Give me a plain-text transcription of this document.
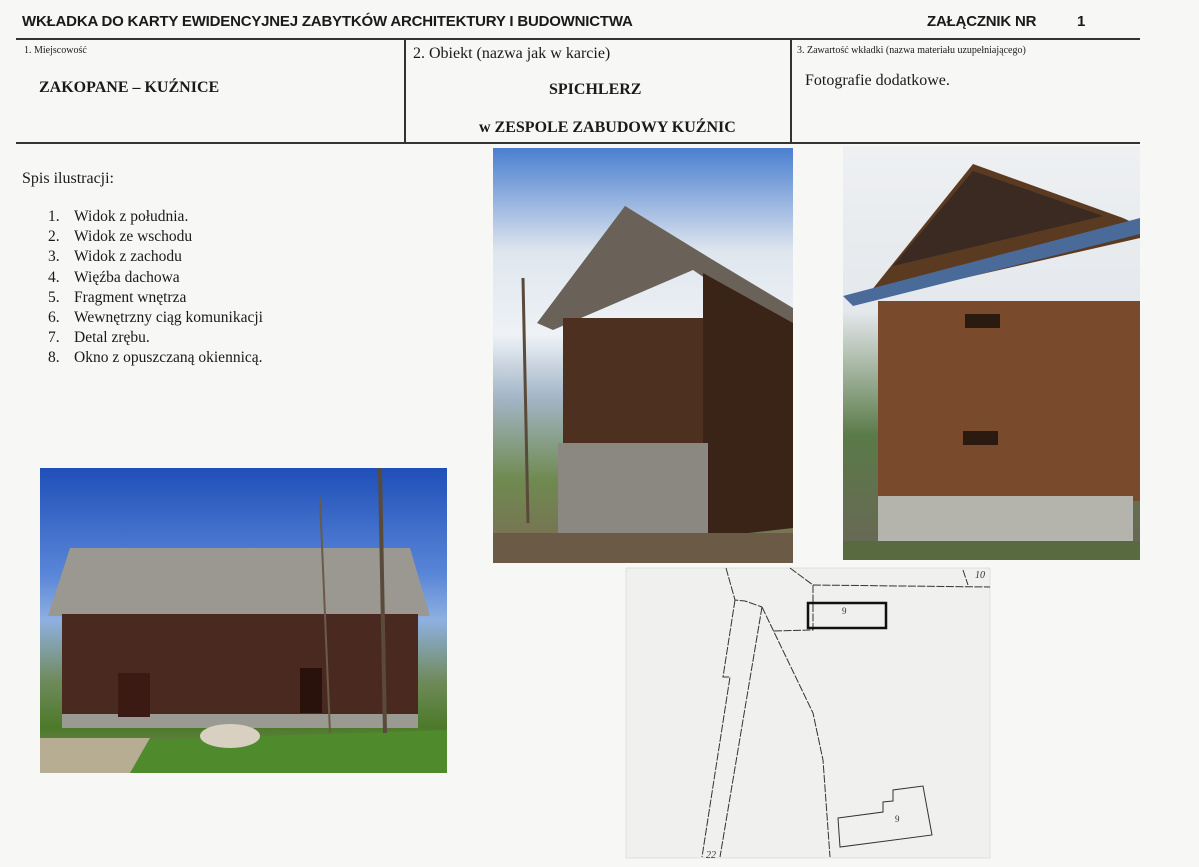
WKŁADKA DO KARTY EWIDENCYJNEJ ZABYTKÓW ARCHITEKTURY I BUDOWNICTWA	ZAŁĄCZNIK NR	1
1. Miejscowość
ZAKOPANE – KUŹNICE
2. Obiekt (nazwa jak w karcie)
SPICHLERZ
w ZESPOLE ZABUDOWY KUŹNIC
3. Zawartość wkładki (nazwa materiału uzupełniającego)
Fotografie dodatkowe.
Spis ilustracji:
1. Widok z południa.
2. Widok ze wschodu
3. Widok z zachodu
4. Więźba dachowa
5. Fragment wnętrza
6. Wewnętrzny ciąg komunikacji
7. Detal zrębu.
8. Okno z opuszczaną okiennicą.
10
9
9
22
